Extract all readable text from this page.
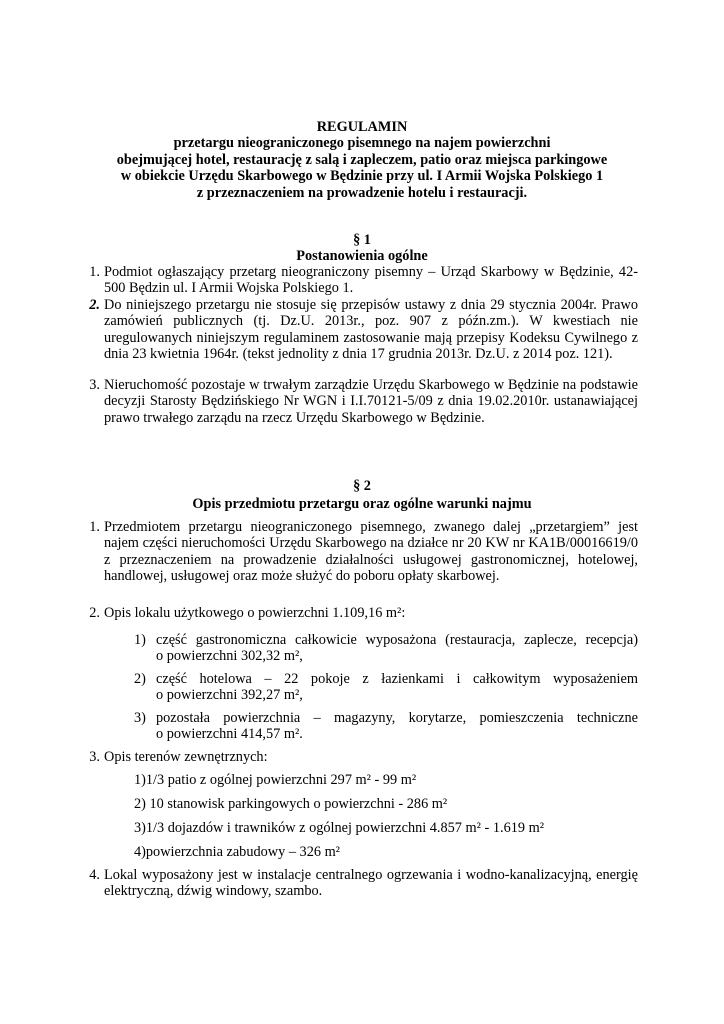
REGULAMIN
przetargu nieograniczonego pisemnego na najem powierzchni
obejmującej hotel, restaurację z salą i zapleczem, patio oraz miejsca parkingowe
w obiekcie Urzędu Skarbowego w Będzinie przy ul. I Armii Wojska Polskiego 1
z przeznaczeniem na prowadzenie hotelu i restauracji.
§ 1
Postanowienia ogólne
1. Podmiot ogłaszający przetarg nieograniczony pisemny – Urząd Skarbowy w Będzinie, 42-500 Będzin ul. I Armii Wojska Polskiego 1.
2. Do niniejszego przetargu nie stosuje się przepisów ustawy z dnia 29 stycznia 2004r. Prawo zamówień publicznych (tj. Dz.U. 2013r., poz. 907 z późn.zm.). W kwestiach nie uregulowanych niniejszym regulaminem zastosowanie mają przepisy Kodeksu Cywilnego z dnia 23 kwietnia 1964r. (tekst jednolity z dnia 17 grudnia 2013r. Dz.U. z 2014 poz. 121).
3. Nieruchomość pozostaje w trwałym zarządzie Urzędu Skarbowego w Będzinie na podstawie decyzji Starosty Będzińskiego Nr WGN i I.I.70121-5/09 z dnia 19.02.2010r. ustanawiającej prawo trwałego zarządu na rzecz Urzędu Skarbowego w Będzinie.
§ 2
Opis przedmiotu przetargu oraz ogólne warunki najmu
1. Przedmiotem przetargu nieograniczonego pisemnego, zwanego dalej „przetargiem” jest najem części nieruchomości Urzędu Skarbowego na działce nr 20 KW nr KA1B/00016619/0 z przeznaczeniem na prowadzenie działalności usługowej gastronomicznej, hotelowej, handlowej, usługowej oraz może służyć do poboru opłaty skarbowej.
2. Opis lokalu użytkowego o powierzchni 1.109,16 m²:
1) część gastronomiczna całkowicie wyposażona (restauracja, zaplecze, recepcja)
o powierzchni 302,32 m²,
2) część hotelowa – 22 pokoje z łazienkami i całkowitym wyposażeniem
o powierzchni 392,27 m²,
3) pozostała powierzchnia – magazyny, korytarze, pomieszczenia techniczne
o powierzchni 414,57 m².
3. Opis terenów zewnętrznych:
1)1/3 patio z ogólnej powierzchni 297 m² - 99 m²
2) 10 stanowisk parkingowych o powierzchni - 286 m²
3)1/3 dojazdów i trawników z ogólnej powierzchni 4.857 m² - 1.619 m²
4)powierzchnia zabudowy – 326 m²
4. Lokal wyposażony jest w instalacje centralnego ogrzewania i wodno-kanalizacyjną, energię elektryczną, dźwig windowy, szambo.
